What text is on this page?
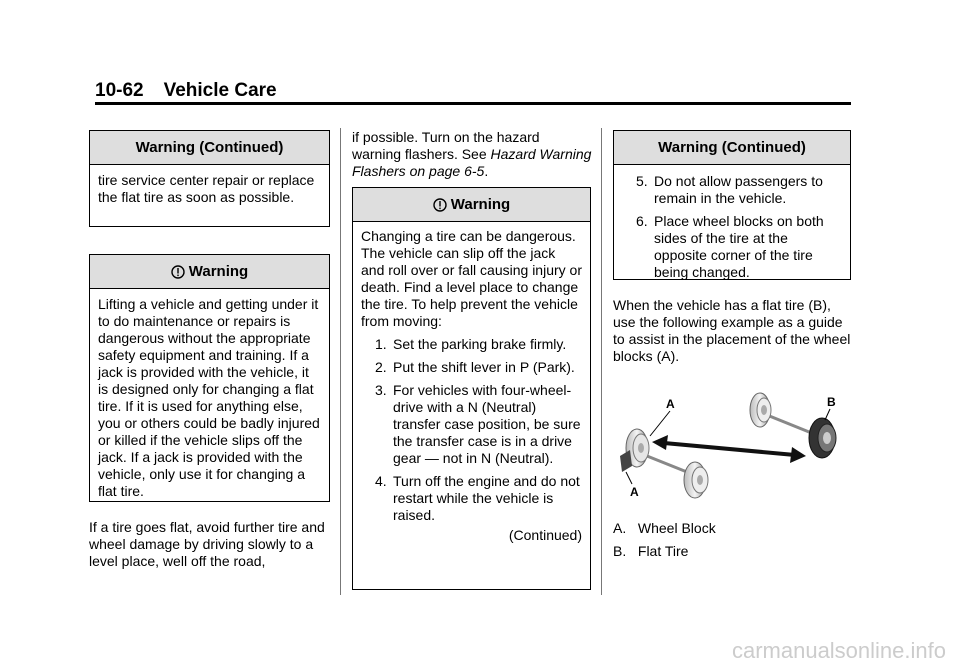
10-62 Vehicle Care
Warning (Continued)

tire service center repair or replace the flat tire as soon as possible.

Warning

Lifting a vehicle and getting under it to do maintenance or repairs is dangerous without the appropriate safety equipment and training. If a jack is provided with the vehicle, it is designed only for changing a flat tire. If it is used for anything else, you or others could be badly injured or killed if the vehicle slips off the jack. If a jack is provided with the vehicle, only use it for changing a flat tire.

If a tire goes flat, avoid further tire and wheel damage by driving slowly to a level place, well off the road,

if possible. Turn on the hazard warning flashers. See Hazard Warning Flashers on page 6-5.

Warning

Changing a tire can be dangerous. The vehicle can slip off the jack and roll over or fall causing injury or death. Find a level place to change the tire. To help prevent the vehicle from moving:

1. Set the parking brake firmly.
2. Put the shift lever in P (Park).
3. For vehicles with four-wheel-drive with a N (Neutral) transfer case position, be sure the transfer case is in a drive gear — not in N (Neutral).
4. Turn off the engine and do not restart while the vehicle is raised.
(Continued)
Warning (Continued)
5. Do not allow passengers to remain in the vehicle.
6. Place wheel blocks on both sides of the tire at the opposite corner of the tire being changed.

When the vehicle has a flat tire (B), use the following example as a guide to assist in the placement of the wheel blocks (A).

A
A
B

A.   Wheel Block

B.   Flat Tire

carmanualsonline.info
